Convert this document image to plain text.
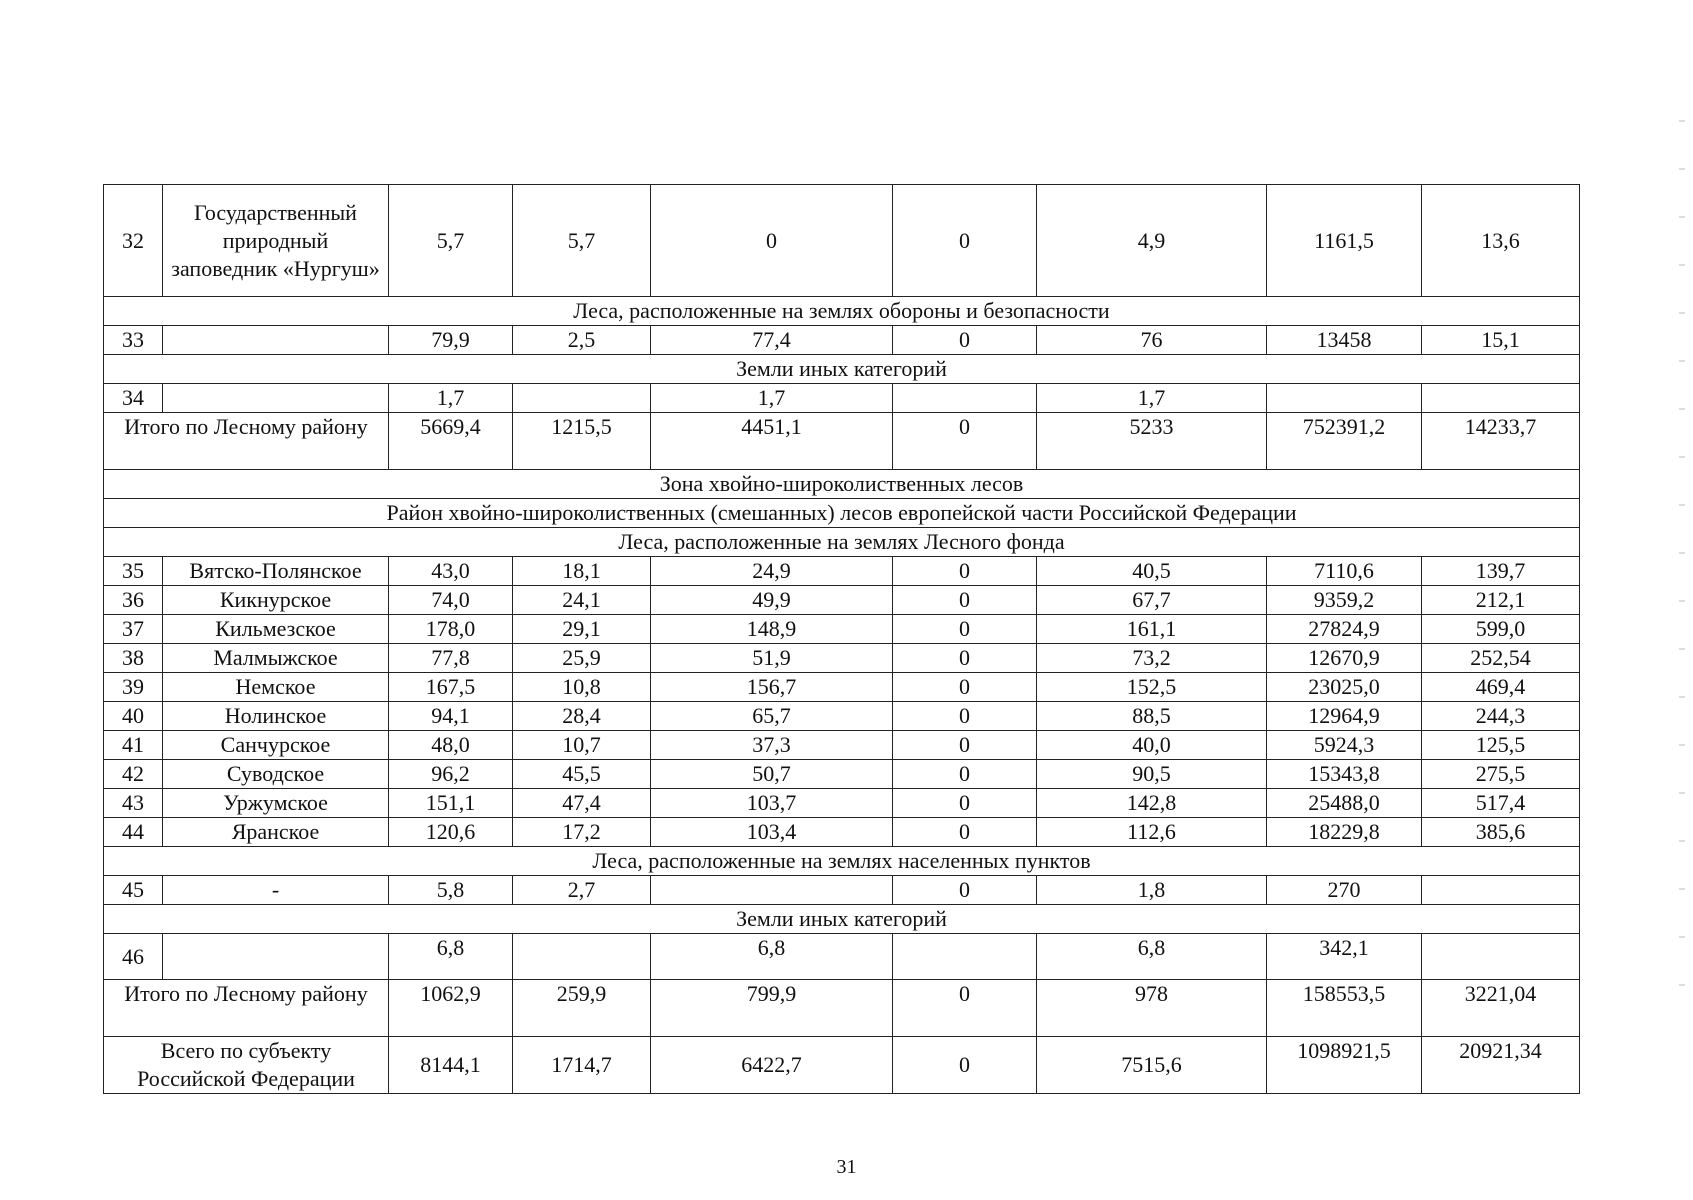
32	Государственный природный заповедник «Нургуш»	5,7	5,7	0	0	4,9	1161,5	13,6
Леса, расположенные на землях обороны и безопасности								
33		79,9	2,5	77,4	0	76	13458	15,1
Земли иных категорий								
34		1,7		1,7		1,7		
Итого по Лесному району		5669,4	1215,5	4451,1	0	5233	752391,2	14233,7
Зона хвойно-широколиственных лесов								
Район хвойно-широколиственных (смешанных) лесов европейской части Российской Федерации								
Леса, расположенные на землях Лесного фонда								
35	Вятско-Полянское	43,0	18,1	24,9	0	40,5	7110,6	139,7
36	Кикнурское	74,0	24,1	49,9	0	67,7	9359,2	212,1
37	Кильмезское	178,0	29,1	148,9	0	161,1	27824,9	599,0
38	Малмыжское	77,8	25,9	51,9	0	73,2	12670,9	252,54
39	Немское	167,5	10,8	156,7	0	152,5	23025,0	469,4
40	Нолинское	94,1	28,4	65,7	0	88,5	12964,9	244,3
41	Санчурское	48,0	10,7	37,3	0	40,0	5924,3	125,5
42	Суводское	96,2	45,5	50,7	0	90,5	15343,8	275,5
43	Уржумское	151,1	47,4	103,7	0	142,8	25488,0	517,4
44	Яранское	120,6	17,2	103,4	0	112,6	18229,8	385,6
Леса, расположенные на землях населенных пунктов								
45	-	5,8	2,7		0	1,8	270	
Земли иных категорий								
46		6,8		6,8		6,8	342,1	
Итого по Лесному району		1062,9	259,9	799,9	0	978	158553,5	3221,04
Всего по субъекту Российской Федерации		8144,1	1714,7	6422,7	0	7515,6	1098921,5	20921,34
31
